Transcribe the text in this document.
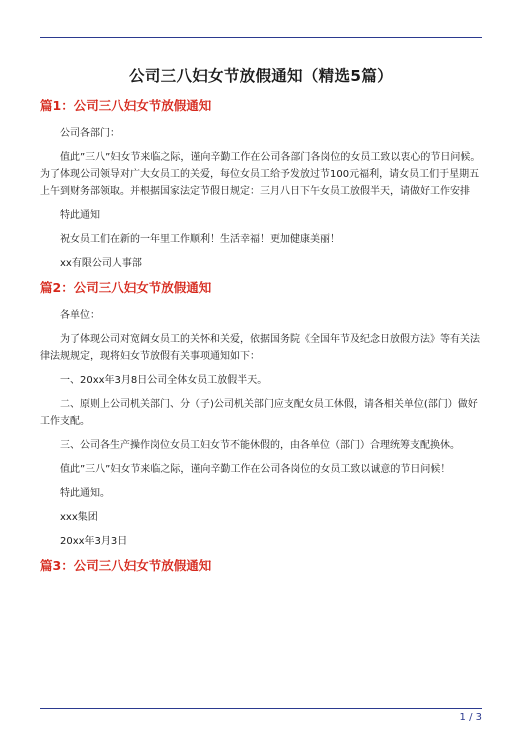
公司三八妇女节放假通知（精选5篇）
篇1：公司三八妇女节放假通知

公司各部门：

值此”三八”妇女节来临之际，谨向辛勤工作在公司各部门各岗位的女员工致以衷心的节日问候。为了体现公司领导对广大女员工的关爱，每位女员工给予发放过节100元福利，请女员工们于星期五上午到财务部领取。并根据国家法定节假日规定：三月八日下午女员工放假半天，请做好工作安排

特此通知

祝女员工们在新的一年里工作顺利！生活幸福！更加健康美丽！

xx有限公司人事部

篇2：公司三八妇女节放假通知

各单位：

为了体现公司对宽阔女员工的关怀和关爱，依据国务院《全国年节及纪念日放假方法》等有关法律法规规定，现将妇女节放假有关事项通知如下：

一、20xx年3月8日公司全体女员工放假半天。

二、原则上公司机关部门、分（子)公司机关部门应支配女员工休假，请各相关单位(部门）做好工作支配。

三、公司各生产操作岗位女员工妇女节不能休假的，由各单位（部门）合理统筹支配换休。

值此”三八”妇女节来临之际，谨向辛勤工作在公司各岗位的女员工致以诚意的节日问候！

特此通知。

xxx集团

20xx年3月3日

篇3：公司三八妇女节放假通知
1 / 3
